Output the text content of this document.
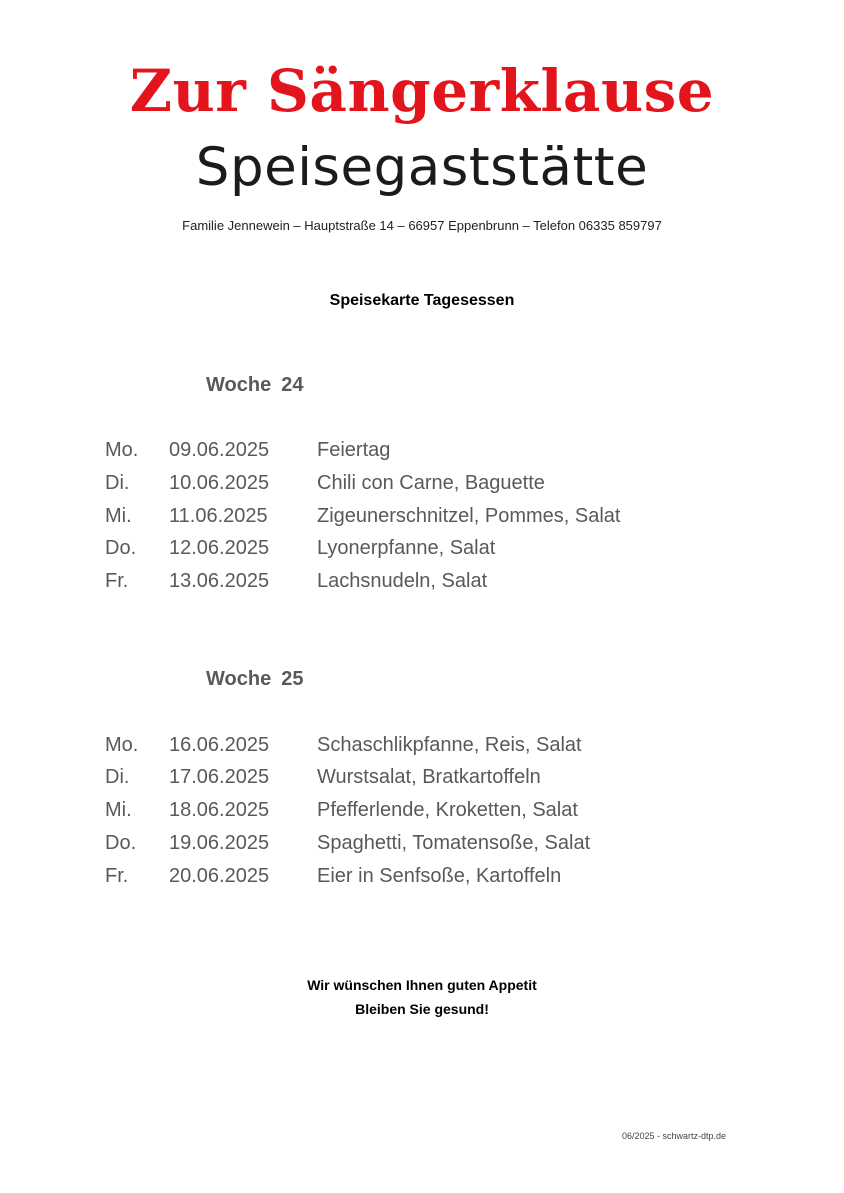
Zur Sängerklause
Speisegaststätte
Familie Jennewein – Hauptstraße 14 – 66957 Eppenbrunn – Telefon 06335 859797
Speisekarte Tagesessen
Woche 24
Mo. 09.06.2025 Feiertag
Di. 10.06.2025 Chili con Carne, Baguette
Mi. 11.06.2025 Zigeunerschnitzel, Pommes, Salat
Do. 12.06.2025 Lyonerpfanne, Salat
Fr. 13.06.2025 Lachsnudeln, Salat
Woche 25
Mo. 16.06.2025 Schaschlikpfanne, Reis, Salat
Di. 17.06.2025 Wurstsalat, Bratkartoffeln
Mi. 18.06.2025 Pfefferlende, Kroketten, Salat
Do. 19.06.2025 Spaghetti, Tomatensoße, Salat
Fr. 20.06.2025 Eier in Senfsoße, Kartoffeln
Wir wünschen Ihnen guten Appetit
Bleiben Sie gesund!
06/2025 - schwartz-dtp.de
